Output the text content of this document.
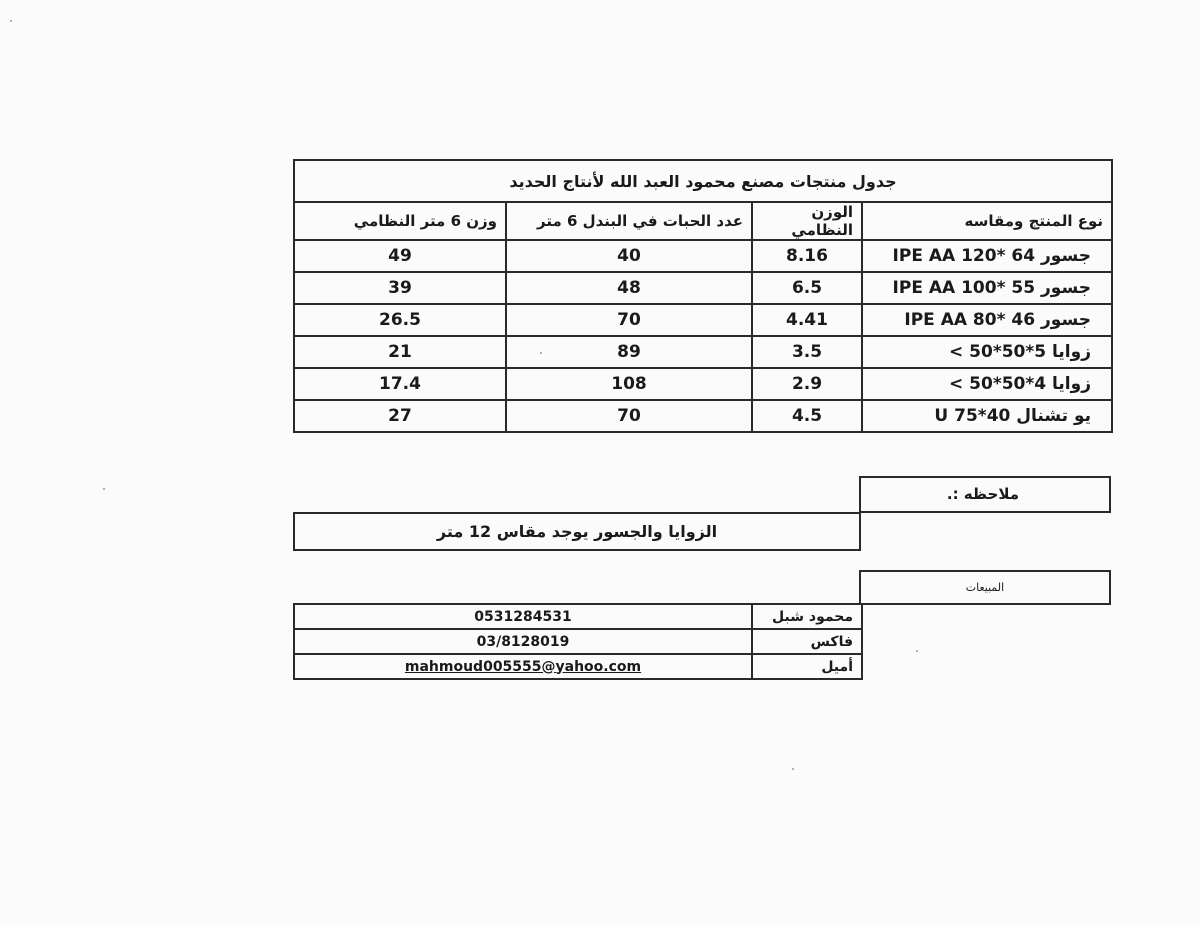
جدول منتجات مصنع محمود العبد الله لأنتاج الحديد			
نوع المنتج ومقاسه	الوزن النظامي	عدد الحبات في البندل 6 متر	وزن 6 متر النظامي
جسور 64 *IPE AA 120	8.16	40	49
جسور 55 *IPE AA 100	6.5	48	39
جسور 46 *IPE AA 80	4.41	70	26.5
زوايا 5*50*50 >	3.5	89	21
زوايا 4*50*50 >	2.9	108	17.4
يو تشنال 40*U 75	4.5	70	27
ملاحظه :.
الزوايا والجسور يوجد مقاس 12 متر
المبيعات
محمود شبل	0531284531
فاكس	03/8128019
أميل	mahmoud005555@yahoo.com
